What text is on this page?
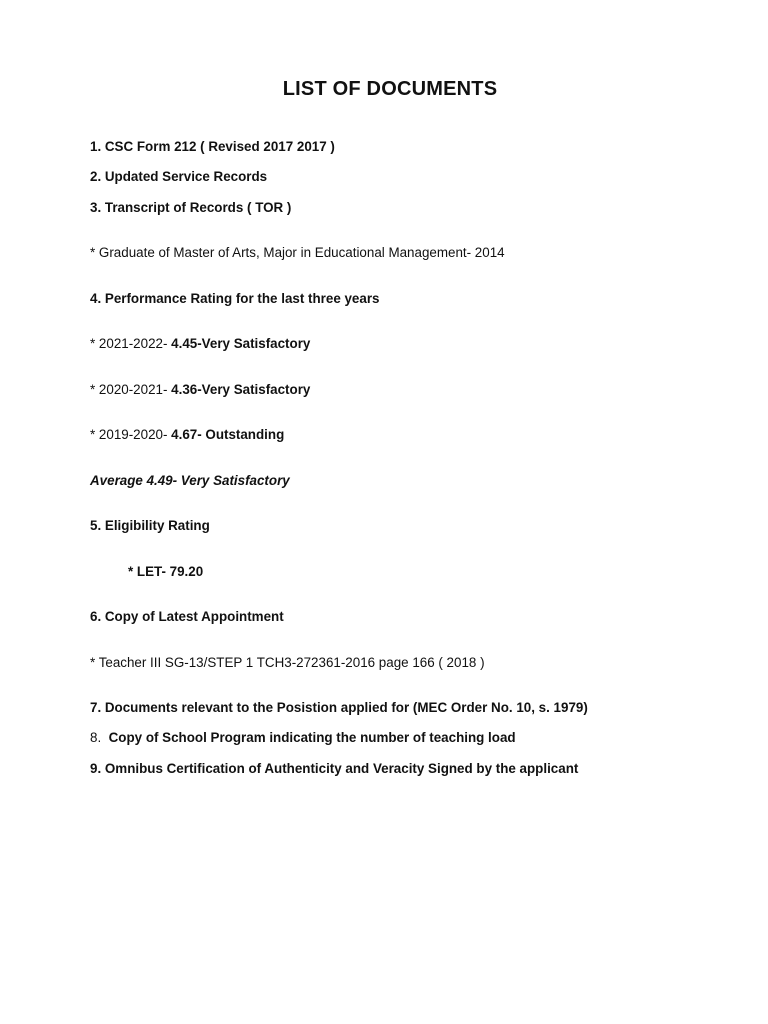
LIST OF DOCUMENTS
1. CSC Form 212 ( Revised 2017 2017 )
2. Updated Service Records
3. Transcript of Records ( TOR )
* Graduate of Master of Arts, Major in Educational Management- 2014
4. Performance Rating for the last three years
* 2021-2022- 4.45-Very Satisfactory
* 2020-2021- 4.36-Very Satisfactory
* 2019-2020- 4.67- Outstanding
Average 4.49- Very Satisfactory
5. Eligibility Rating
* LET- 79.20
6. Copy of Latest Appointment
* Teacher III SG-13/STEP 1 TCH3-272361-2016 page 166 ( 2018 )
7. Documents relevant to the Posistion applied for (MEC Order No. 10, s. 1979)
8. Copy of School Program indicating the number of teaching load
9. Omnibus Certification of Authenticity and Veracity Signed by the applicant
